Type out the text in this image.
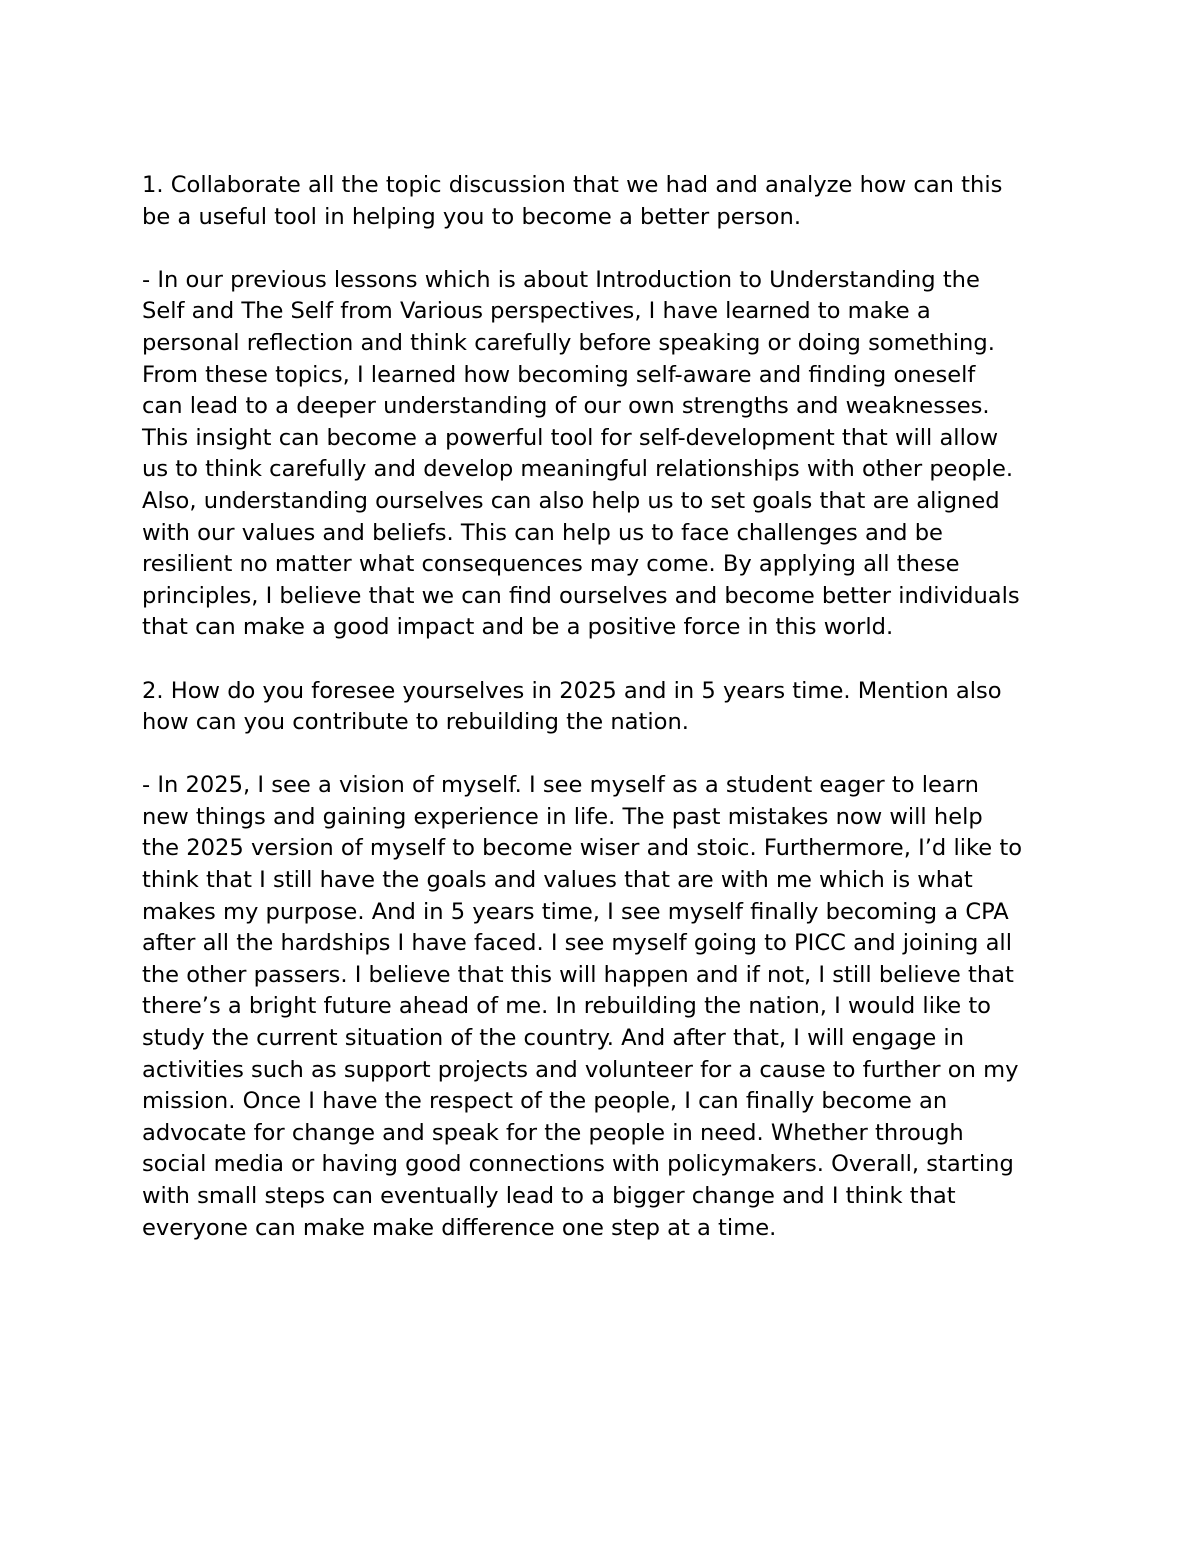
1. Collaborate all the topic discussion that we had and analyze how can this
be a useful tool in helping you to become a better person.

- In our previous lessons which is about Introduction to Understanding the
Self and The Self from Various perspectives, I have learned to make a
personal reflection and think carefully before speaking or doing something.
From these topics, I learned how becoming self-aware and finding oneself
can lead to a deeper understanding of our own strengths and weaknesses.
This insight can become a powerful tool for self-development that will allow
us to think carefully and develop meaningful relationships with other people.
Also, understanding ourselves can also help us to set goals that are aligned
with our values and beliefs. This can help us to face challenges and be
resilient no matter what consequences may come. By applying all these
principles, I believe that we can find ourselves and become better individuals
that can make a good impact and be a positive force in this world.

2. How do you foresee yourselves in 2025 and in 5 years time. Mention also
how can you contribute to rebuilding the nation.

- In 2025, I see a vision of myself. I see myself as a student eager to learn
new things and gaining experience in life. The past mistakes now will help
the 2025 version of myself to become wiser and stoic. Furthermore, I’d like to
think that I still have the goals and values that are with me which is what
makes my purpose. And in 5 years time, I see myself finally becoming a CPA
after all the hardships I have faced. I see myself going to PICC and joining all
the other passers. I believe that this will happen and if not, I still believe that
there’s a bright future ahead of me. In rebuilding the nation, I would like to
study the current situation of the country. And after that, I will engage in
activities such as support projects and volunteer for a cause to further on my
mission. Once I have the respect of the people, I can finally become an
advocate for change and speak for the people in need. Whether through
social media or having good connections with policymakers. Overall, starting
with small steps can eventually lead to a bigger change and I think that
everyone can make make difference one step at a time.
